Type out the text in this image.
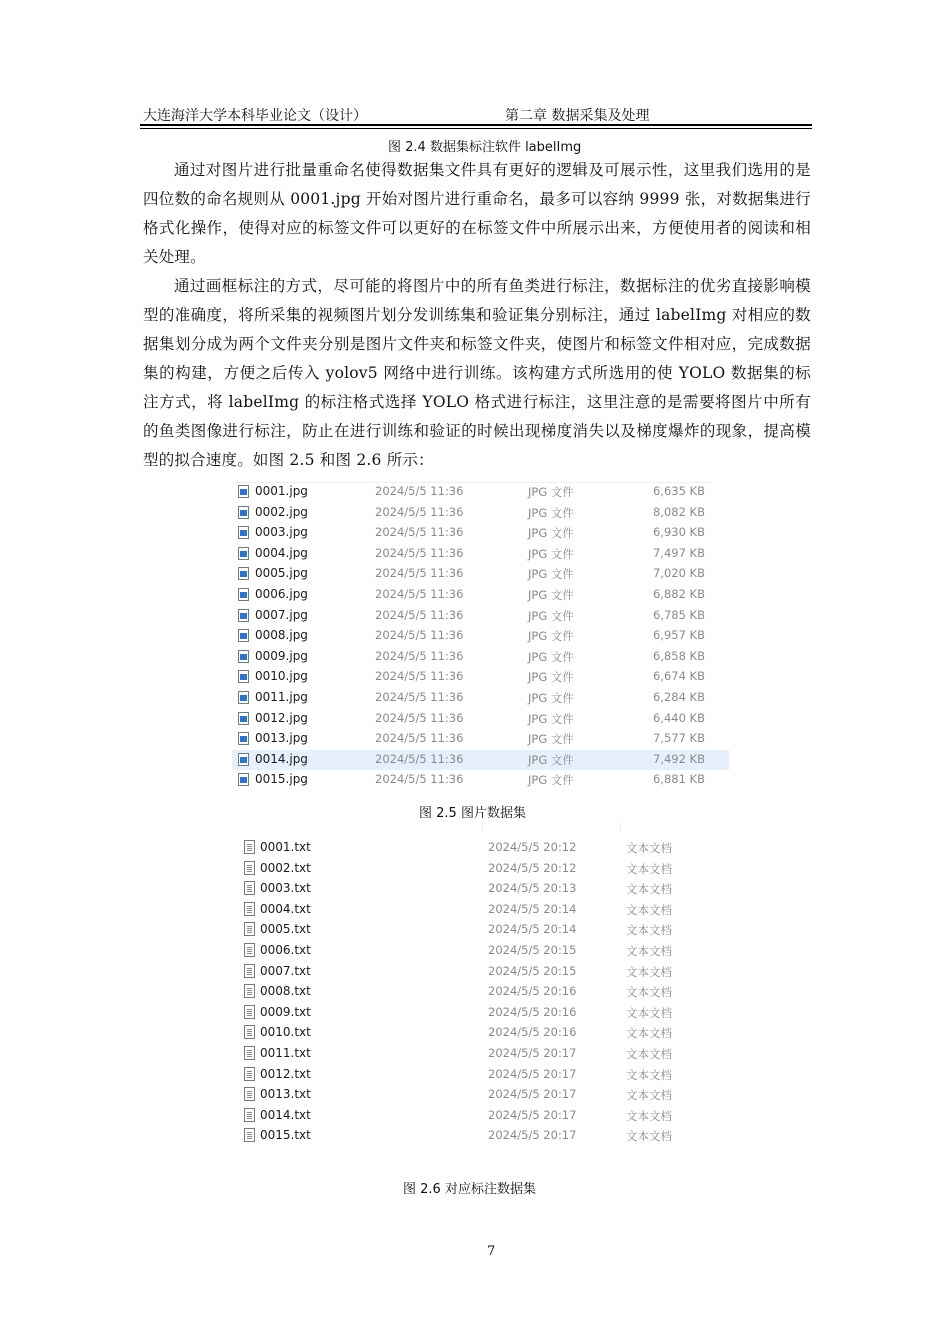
大连海洋大学本科毕业论文（设计）	第二章 数据采集及处理
图 2.4 数据集标注软件 labelImg

通过对图片进行批量重命名使得数据集文件具有更好的逻辑及可展示性，这里我们选用的是四位数的命名规则从 0001.jpg 开始对图片进行重命名，最多可以容纳 9999 张，对数据集进行格式化操作，使得对应的标签文件可以更好的在标签文件中所展示出来，方便使用者的阅读和相关处理。

通过画框标注的方式，尽可能的将图片中的所有鱼类进行标注，数据标注的优劣直接影响模型的准确度，将所采集的视频图片划分发训练集和验证集分别标注，通过 labelImg 对相应的数据集划分成为两个文件夹分别是图片文件夹和标签文件夹，使图片和标签文件相对应，完成数据集的构建，方便之后传入 yolov5 网络中进行训练。该构建方式所选用的使 YOLO 数据集的标注方式，将 labelImg 的标注格式选择 YOLO 格式进行标注，这里注意的是需要将图片中所有的鱼类图像进行标注，防止在进行训练和验证的时候出现梯度消失以及梯度爆炸的现象，提高模型的拟合速度。如图 2.5 和图 2.6 所示：

0001.jpg	2024/5/5 11:36	JPG 文件	6,635 KB
0002.jpg	2024/5/5 11:36	JPG 文件	8,082 KB
0003.jpg	2024/5/5 11:36	JPG 文件	6,930 KB
0004.jpg	2024/5/5 11:36	JPG 文件	7,497 KB
0005.jpg	2024/5/5 11:36	JPG 文件	7,020 KB
0006.jpg	2024/5/5 11:36	JPG 文件	6,882 KB
0007.jpg	2024/5/5 11:36	JPG 文件	6,785 KB
0008.jpg	2024/5/5 11:36	JPG 文件	6,957 KB
0009.jpg	2024/5/5 11:36	JPG 文件	6,858 KB
0010.jpg	2024/5/5 11:36	JPG 文件	6,674 KB
0011.jpg	2024/5/5 11:36	JPG 文件	6,284 KB
0012.jpg	2024/5/5 11:36	JPG 文件	6,440 KB
0013.jpg	2024/5/5 11:36	JPG 文件	7,577 KB
0014.jpg	2024/5/5 11:36	JPG 文件	7,492 KB
0015.jpg	2024/5/5 11:36	JPG 文件	6,881 KB
图 2.5 图片数据集
0001.txt	2024/5/5 20:12	文本文档
0002.txt	2024/5/5 20:12	文本文档
0003.txt	2024/5/5 20:13	文本文档
0004.txt	2024/5/5 20:14	文本文档
0005.txt	2024/5/5 20:14	文本文档
0006.txt	2024/5/5 20:15	文本文档
0007.txt	2024/5/5 20:15	文本文档
0008.txt	2024/5/5 20:16	文本文档
0009.txt	2024/5/5 20:16	文本文档
0010.txt	2024/5/5 20:16	文本文档
0011.txt	2024/5/5 20:17	文本文档
0012.txt	2024/5/5 20:17	文本文档
0013.txt	2024/5/5 20:17	文本文档
0014.txt	2024/5/5 20:17	文本文档
0015.txt	2024/5/5 20:17	文本文档
图 2.6 对应标注数据集
7
